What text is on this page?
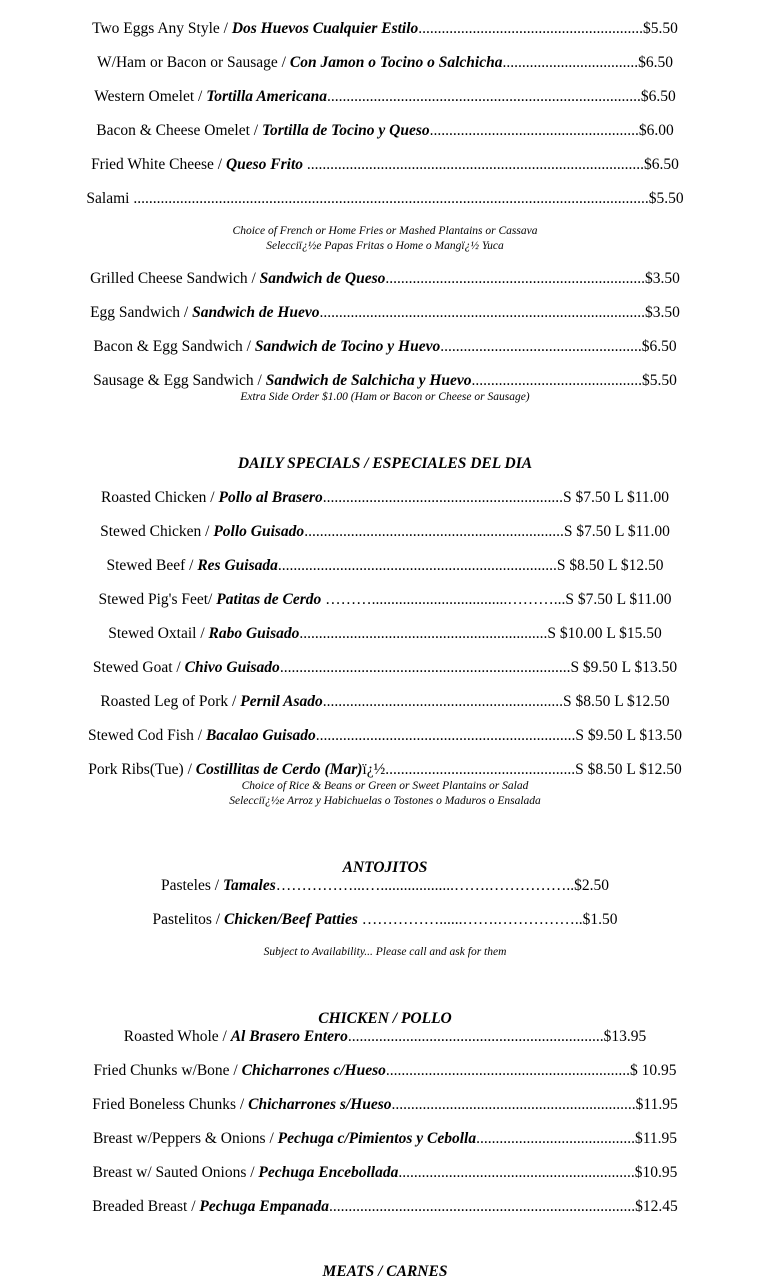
Two Eggs Any Style / Dos Huevos Cualquier Estilo..........................................................$5.50
W/Ham or Bacon or Sausage / Con Jamon o Tocino o Salchicha...................................$6.50
Western Omelet / Tortilla Americana.................................................................................$6.50
Bacon & Cheese Omelet / Tortilla de Tocino y Queso......................................................$6.00
Fried White Cheese / Queso Frito .......................................................................................$6.50
Salami .....................................................................................................................................$5.50
Choice of French or Home Fries or Mashed Plantains or Cassava
Selecciï¿½e Papas Fritas o Home o Mangï¿½ Yuca
Grilled Cheese Sandwich / Sandwich de Queso...................................................................$3.50
Egg Sandwich / Sandwich de Huevo....................................................................................$3.50
Bacon & Egg Sandwich / Sandwich de Tocino y Huevo....................................................$6.50
Sausage & Egg Sandwich / Sandwich de Salchicha y Huevo............................................$5.50
Extra Side Order $1.00 (Ham or Bacon or Cheese or Sausage)
DAILY SPECIALS / ESPECIALES DEL DIA
Roasted Chicken / Pollo al Brasero..............................................................S $7.50 L $11.00
Stewed Chicken / Pollo Guisado...................................................................S $7.50 L $11.00
Stewed Beef / Res Guisada........................................................................S $8.50 L $12.50
Stewed Pig's Feet/ Patitas de Cerdo ………...................................………...S $7.50 L $11.00
Stewed Oxtail / Rabo Guisado................................................................S $10.00 L $15.50
Stewed Goat / Chivo Guisado...........................................................................S $9.50 L $13.50
Roasted Leg of Pork / Pernil Asado..............................................................S $8.50 L $12.50
Stewed Cod Fish / Bacalao Guisado...................................................................S $9.50 L $13.50
Pork Ribs(Tue) / Costillitas de Cerdo (Mar)ï¿½.................................................S $8.50 L $12.50
Choice of Rice & Beans or Green or Sweet Plantains or Salad
Selecciï¿½e Arroz y Habichuelas o Tostones o Maduros o Ensalada
ANTOJITOS
Pasteles / Tamales……………...…...................…….……………..$2.50
Pastelitos / Chicken/Beef Patties ……………......…….……………..$1.50
Subject to Availability... Please call and ask for them
CHICKEN / POLLO
Roasted Whole / Al Brasero Entero..................................................................$13.95
Fried Chunks w/Bone / Chicharrones c/Hueso...............................................................$ 10.95
Fried Boneless Chunks / Chicharrones s/Hueso...............................................................$11.95
Breast w/Peppers & Onions / Pechuga c/Pimientos y Cebolla.........................................$11.95
Breast w/ Sauted Onions / Pechuga Encebollada.............................................................$10.95
Breaded Breast / Pechuga Empanada...............................................................................$12.45
MEATS / CARNES
